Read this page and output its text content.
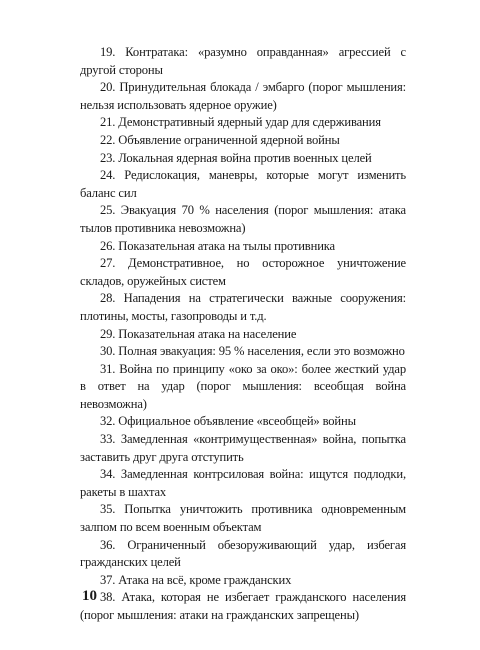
19. Контратака: «разумно оправданная» агрессией с другой стороны

20. Принудительная блокада / эмбарго (порог мышления: нельзя использовать ядерное оружие)

21. Демонстративный ядерный удар для сдерживания

22. Объявление ограниченной ядерной войны

23. Локальная ядерная война против военных целей

24. Редислокация, маневры, которые могут изменить баланс сил

25. Эвакуация 70 % населения (порог мышления: атака тылов противника невозможна)

26. Показательная атака на тылы противника

27. Демонстративное, но осторожное уничтожение складов, оружейных систем

28. Нападения на стратегически важные сооружения: плотины, мосты, газопроводы и т.д.

29. Показательная атака на население

30. Полная эвакуация: 95 % населения, если это возможно

31. Война по принципу «око за око»: более жесткий удар в ответ на удар (порог мышления: всеобщая война невозможна)

32. Официальное объявление «всеобщей» войны

33. Замедленная «контримущественная» война, попытка заставить друг друга отступить

34. Замедленная контрсиловая война: ищутся подлодки, ракеты в шахтах

35. Попытка уничтожить противника одновременным залпом по всем военным объектам

36. Ограниченный обезоруживающий удар, избегая гражданских целей

37. Атака на всё, кроме гражданских

38. Атака, которая не избегает гражданского населения (порог мышления: атаки на гражданских запрещены)

10
